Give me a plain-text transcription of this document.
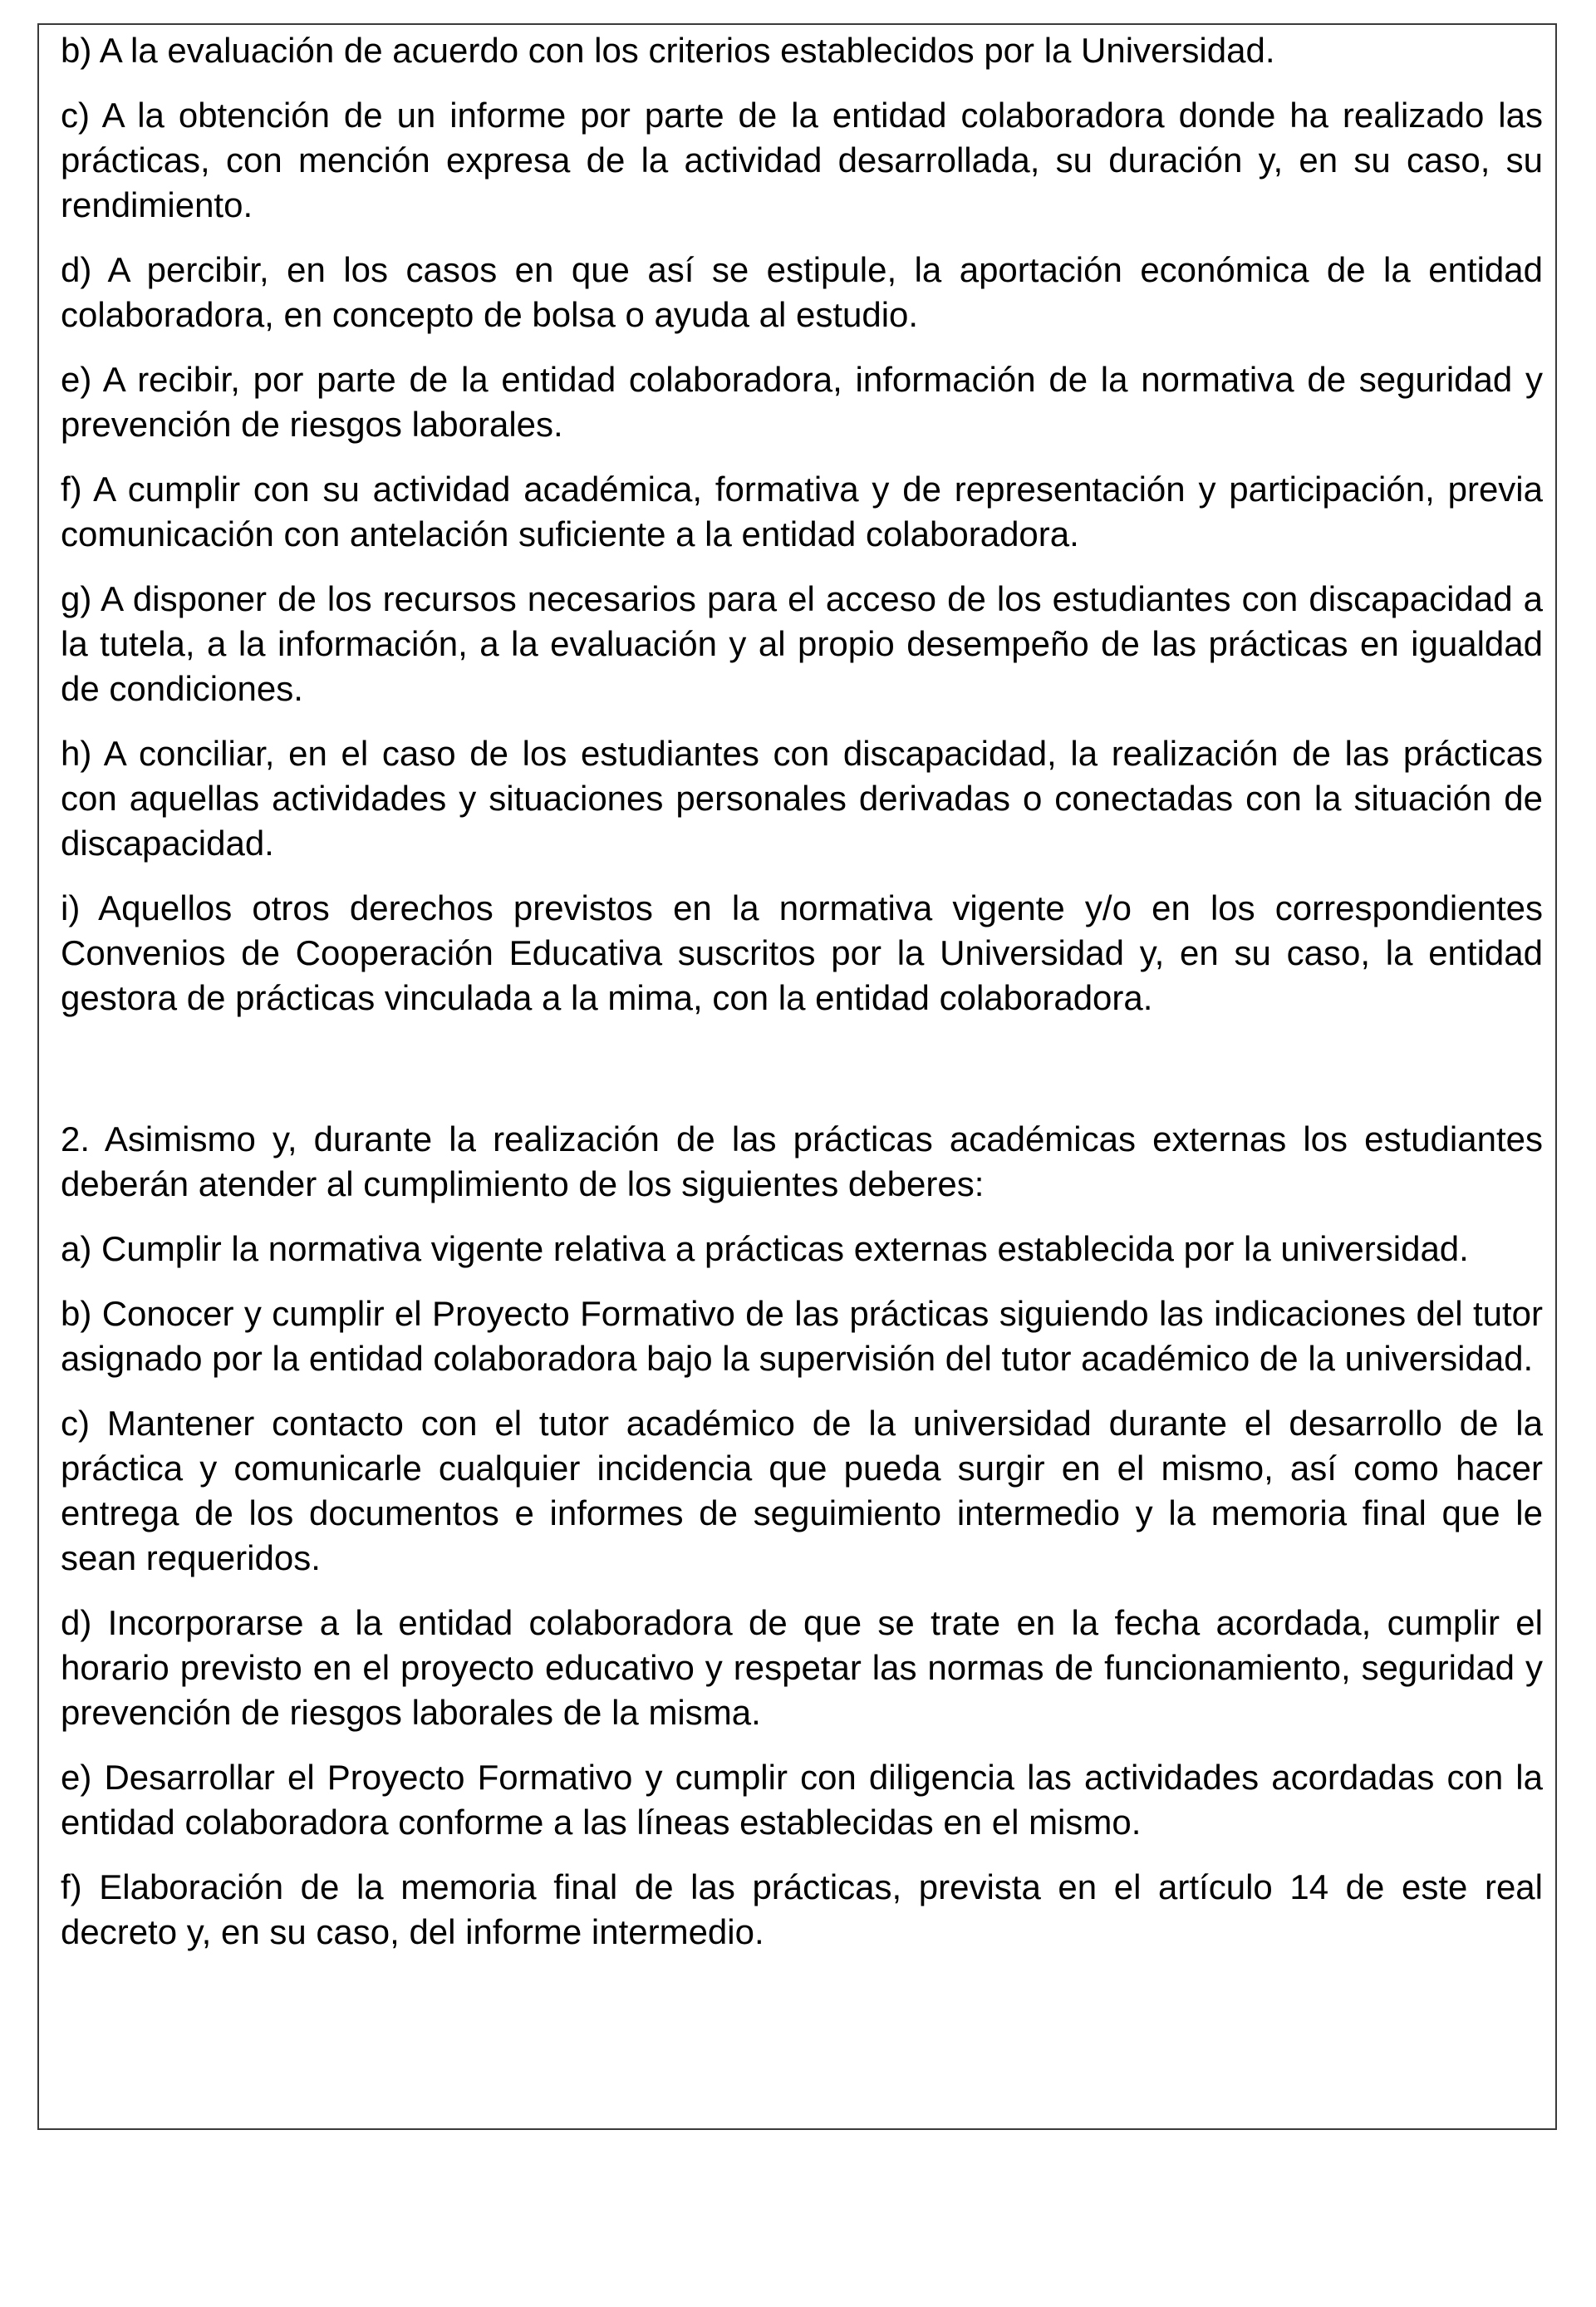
b) A la evaluación de acuerdo con los criterios establecidos por la Universidad.

c) A la obtención de un informe por parte de la entidad colaboradora donde ha realizado las prácticas, con mención expresa de la actividad desarrollada, su duración y, en su caso, su rendimiento.

d) A percibir, en los casos en que así se estipule, la aportación económica de la entidad colaboradora, en concepto de bolsa o ayuda al estudio.

e) A recibir, por parte de la entidad colaboradora, información de la normativa de seguridad y prevención de riesgos laborales.

f) A cumplir con su actividad académica, formativa y de representación y participación, previa comunicación con antelación suficiente a la entidad colaboradora.

g) A disponer de los recursos necesarios para el acceso de los estudiantes con discapacidad a la tutela, a la información, a la evaluación y al propio desempeño de las prácticas en igualdad de condiciones.

h) A conciliar, en el caso de los estudiantes con discapacidad, la realización de las prácticas con aquellas actividades y situaciones personales derivadas o conectadas con la situación de discapacidad.

i) Aquellos otros derechos previstos en la normativa vigente y/o en los correspondientes Convenios de Cooperación Educativa suscritos por la Universidad y, en su caso, la entidad gestora de prácticas vinculada a la mima, con la entidad colaboradora.

2. Asimismo y, durante la realización de las prácticas académicas externas los estudiantes deberán atender al cumplimiento de los siguientes deberes:

a) Cumplir la normativa vigente relativa a prácticas externas establecida por la universidad.

b) Conocer y cumplir el Proyecto Formativo de las prácticas siguiendo las indicaciones del tutor asignado por la entidad colaboradora bajo la supervisión del tutor académico de la universidad.

c) Mantener contacto con el tutor académico de la universidad durante el desarrollo de la práctica y comunicarle cualquier incidencia que pueda surgir en el mismo, así como hacer entrega de los documentos e informes de seguimiento intermedio y la memoria final que le sean requeridos.

d) Incorporarse a la entidad colaboradora de que se trate en la fecha acordada, cumplir el horario previsto en el proyecto educativo y respetar las normas de funcionamiento, seguridad y prevención de riesgos laborales de la misma.

e) Desarrollar el Proyecto Formativo y cumplir con diligencia las actividades acordadas con la entidad colaboradora conforme a las líneas establecidas en el mismo.

f) Elaboración de la memoria final de las prácticas, prevista en el artículo 14 de este real decreto y, en su caso, del informe intermedio.
